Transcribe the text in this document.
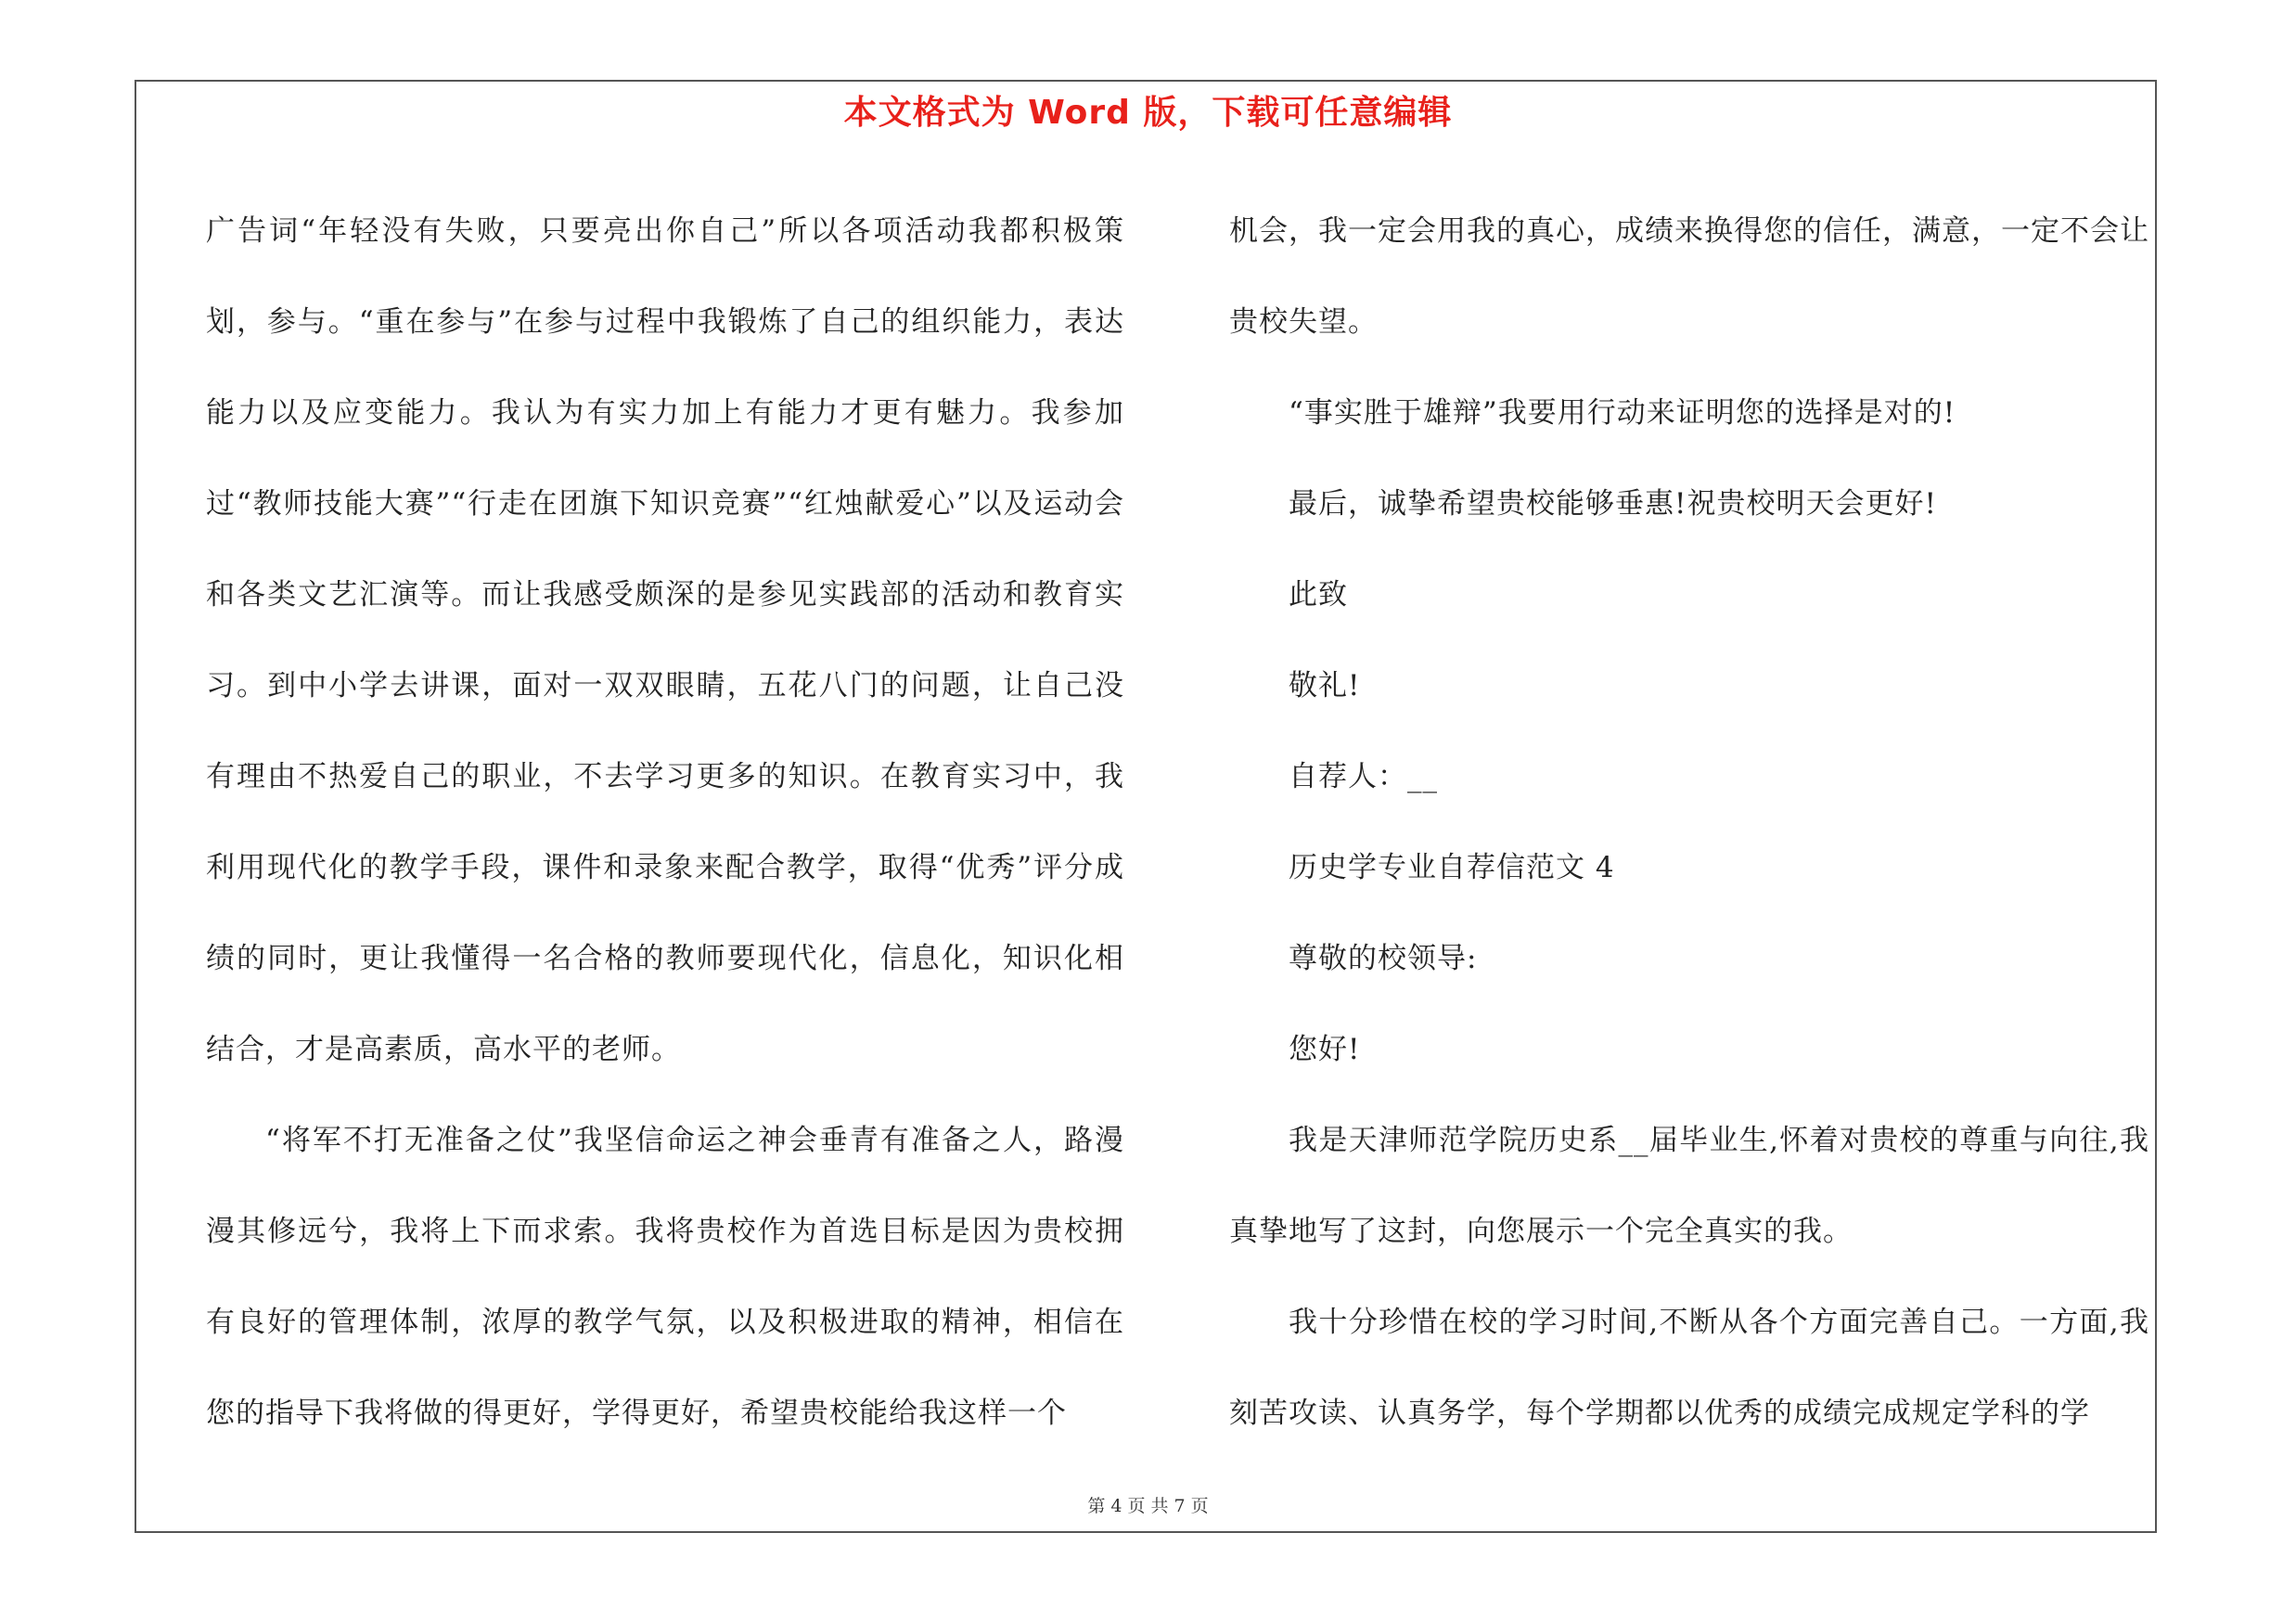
本文格式为 Word 版，下载可任意编辑

广告词“年轻没有失败，只要亮出你自己”所以各项活动我都积极策划，参与。“重在参与”在参与过程中我锻炼了自己的组织能力，表达能力以及应变能力。我认为有实力加上有能力才更有魅力。我参加过“教师技能大赛”“行走在团旗下知识竞赛”“红烛献爱心”以及运动会和各类文艺汇演等。而让我感受颇深的是参见实践部的活动和教育实习。到中小学去讲课，面对一双双眼睛，五花八门的问题，让自己没有理由不热爱自己的职业，不去学习更多的知识。在教育实习中，我利用现代化的教学手段，课件和录象来配合教学，取得“优秀”评分成绩的同时，更让我懂得一名合格的教师要现代化，信息化，知识化相结合，才是高素质，高水平的老师。

“将军不打无准备之仗”我坚信命运之神会垂青有准备之人，路漫漫其修远兮，我将上下而求索。我将贵校作为首选目标是因为贵校拥有良好的管理体制，浓厚的教学气氛，以及积极进取的精神，相信在您的指导下我将做的得更好，学得更好，希望贵校能给我这样一个

机会，我一定会用我的真心，成绩来换得您的信任，满意，一定不会让贵校失望。

“事实胜于雄辩”我要用行动来证明您的选择是对的!

最后，诚挚希望贵校能够垂惠!祝贵校明天会更好!

此致

敬礼!

自荐人：__

历史学专业自荐信范文 4

尊敬的校领导:

您好!

我是天津师范学院历史系__届毕业生,怀着对贵校的尊重与向往,我真挚地写了这封，向您展示一个完全真实的我。

我十分珍惜在校的学习时间,不断从各个方面完善自己。一方面,我刻苦攻读、认真务学，每个学期都以优秀的成绩完成规定学科的学

第 4 页 共 7 页
